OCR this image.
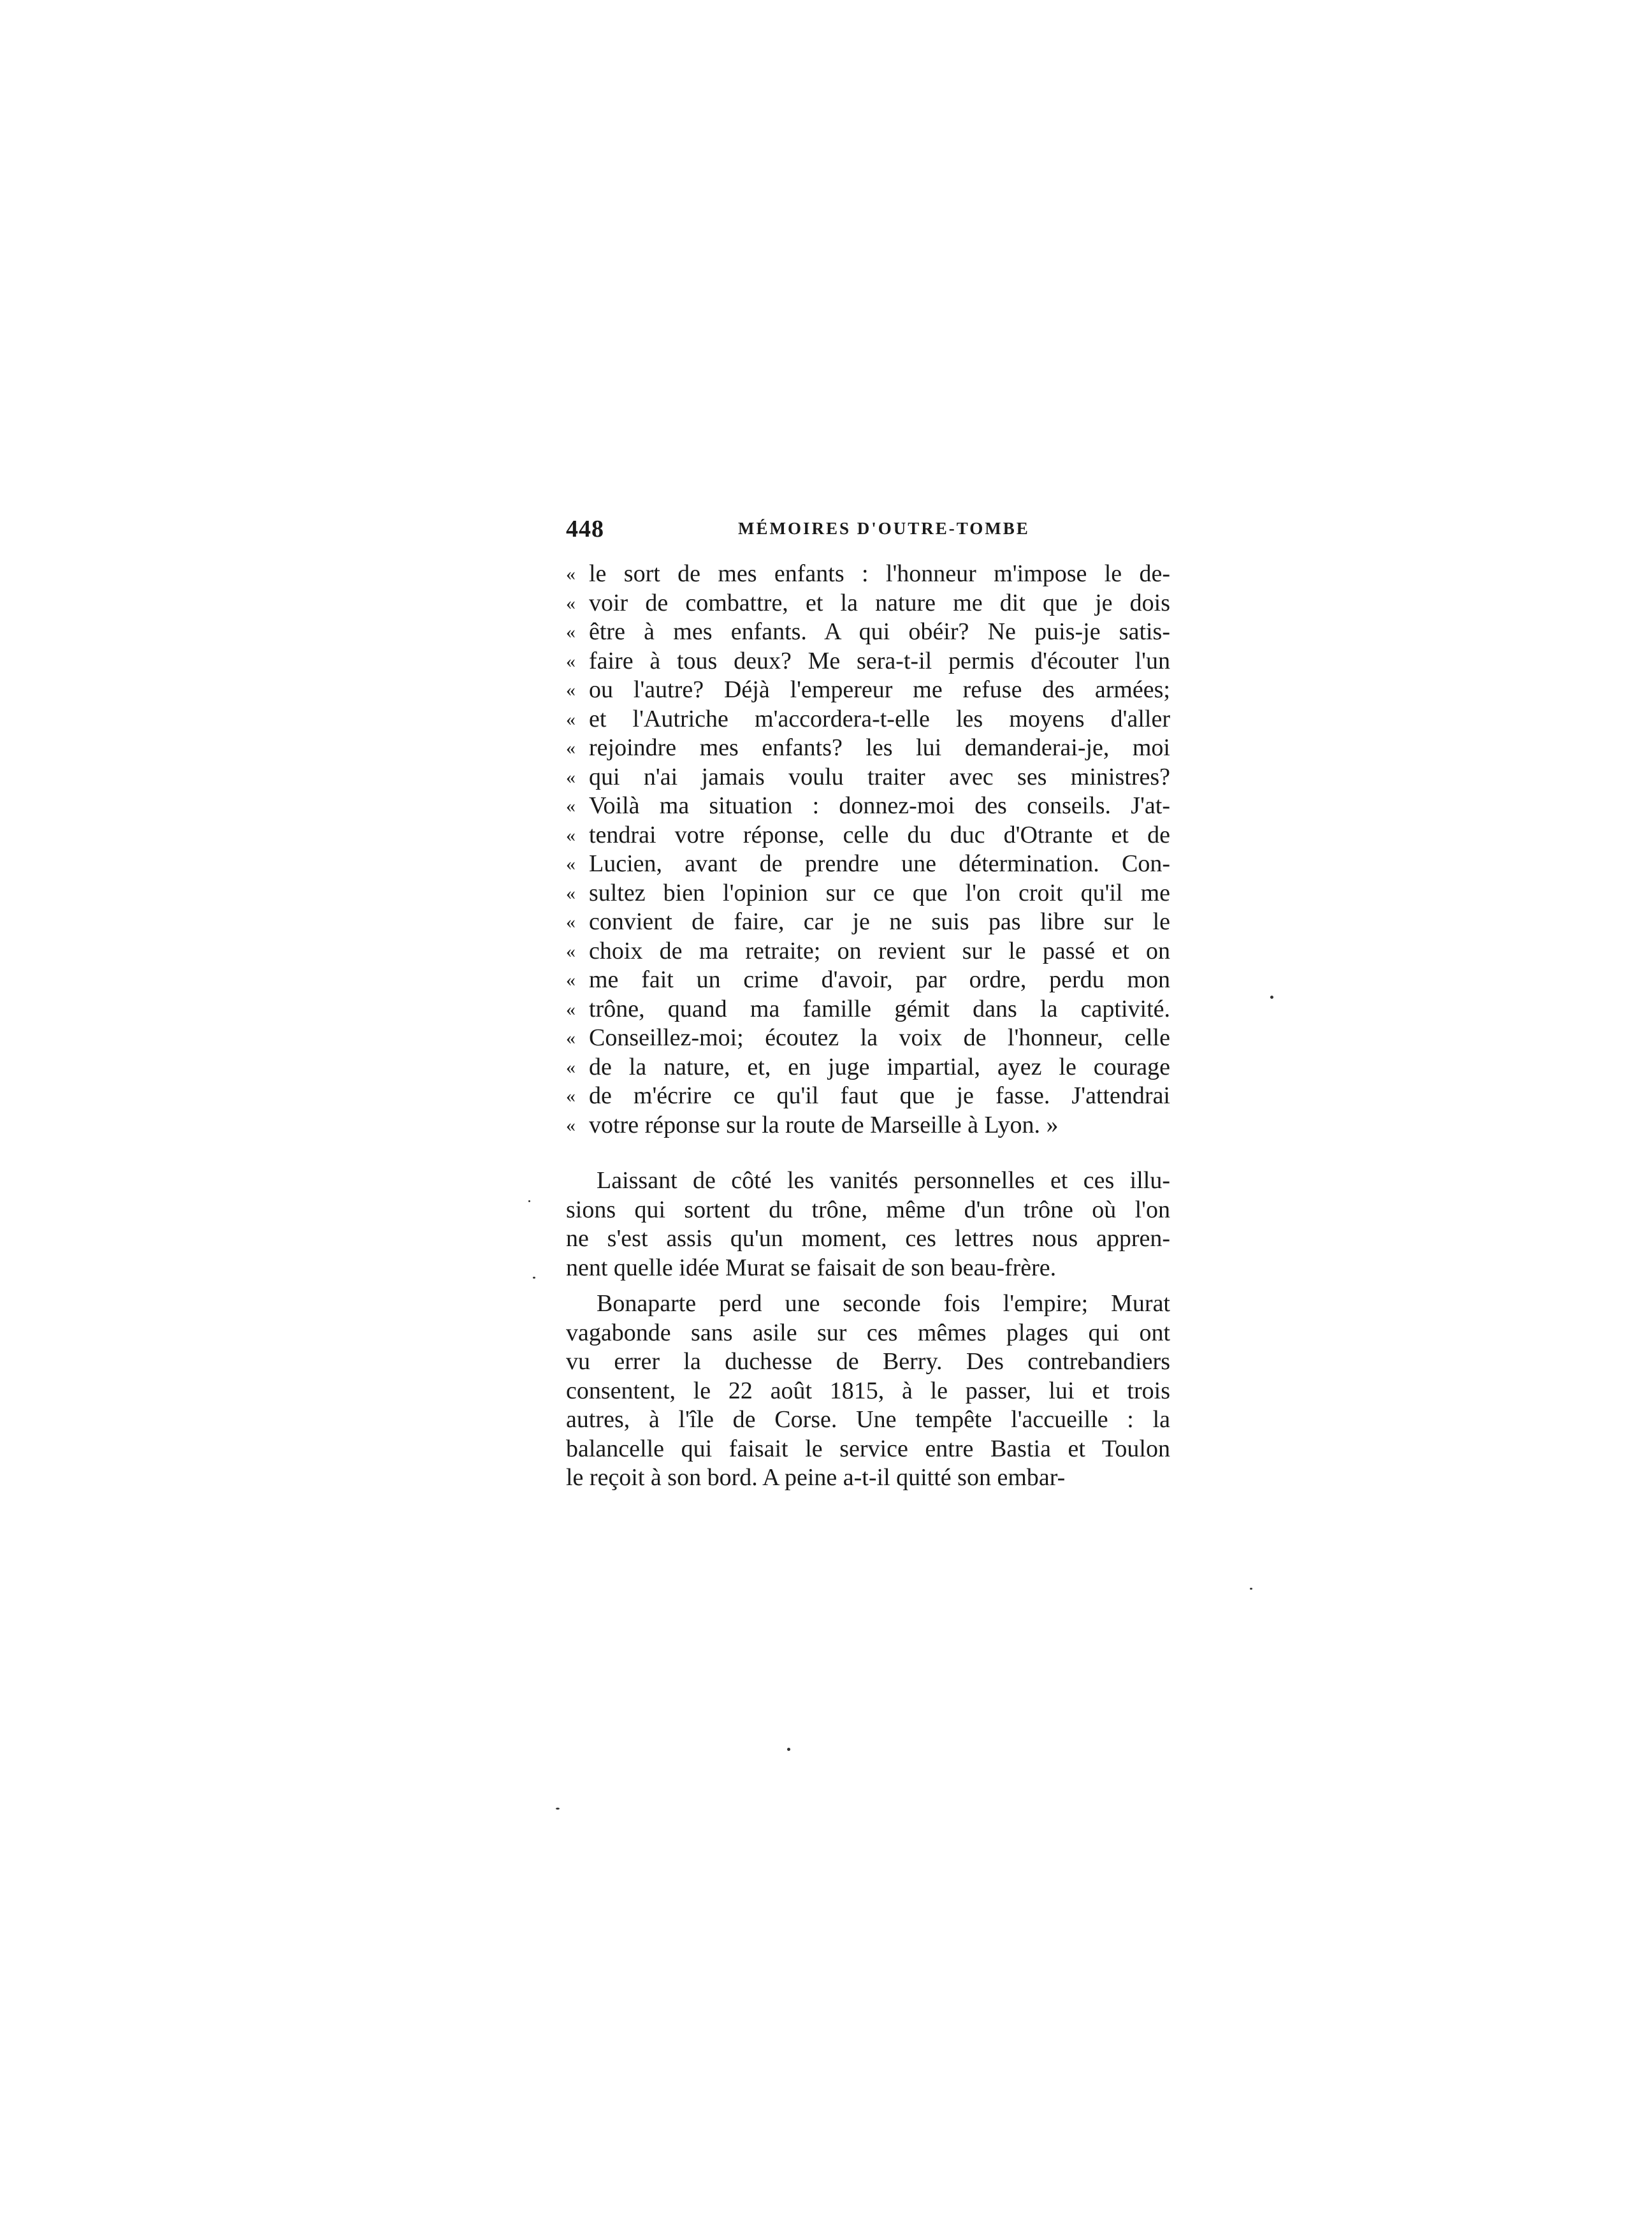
448	MÉMOIRES D'OUTRE-TOMBE
« le sort de mes enfants : l'honneur m'impose le de-
« voir de combattre, et la nature me dit que je dois
« être à mes enfants. A qui obéir? Ne puis-je satis-
« faire à tous deux? Me sera-t-il permis d'écouter l'un
« ou l'autre? Déjà l'empereur me refuse des armées;
« et l'Autriche m'accordera-t-elle les moyens d'aller
« rejoindre mes enfants? les lui demanderai-je, moi
« qui n'ai jamais voulu traiter avec ses ministres?
« Voilà ma situation : donnez-moi des conseils. J'at-
« tendrai votre réponse, celle du duc d'Otrante et de
« Lucien, avant de prendre une détermination. Con-
« sultez bien l'opinion sur ce que l'on croit qu'il me
« convient de faire, car je ne suis pas libre sur le
« choix de ma retraite; on revient sur le passé et on
« me fait un crime d'avoir, par ordre, perdu mon
« trône, quand ma famille gémit dans la captivité.
« Conseillez-moi; écoutez la voix de l'honneur, celle
« de la nature, et, en juge impartial, ayez le courage
« de m'écrire ce qu'il faut que je fasse. J'attendrai
« votre réponse sur la route de Marseille à Lyon. »
Laissant de côté les vanités personnelles et ces illu-
sions qui sortent du trône, même d'un trône où l'on
ne s'est assis qu'un moment, ces lettres nous appren-
nent quelle idée Murat se faisait de son beau-frère.
Bonaparte perd une seconde fois l'empire; Murat
vagabonde sans asile sur ces mêmes plages qui ont
vu errer la duchesse de Berry. Des contrebandiers
consentent, le 22 août 1815, à le passer, lui et trois
autres, à l'île de Corse. Une tempête l'accueille : la
balancelle qui faisait le service entre Bastia et Toulon
le reçoit à son bord. A peine a-t-il quitté son embar-
